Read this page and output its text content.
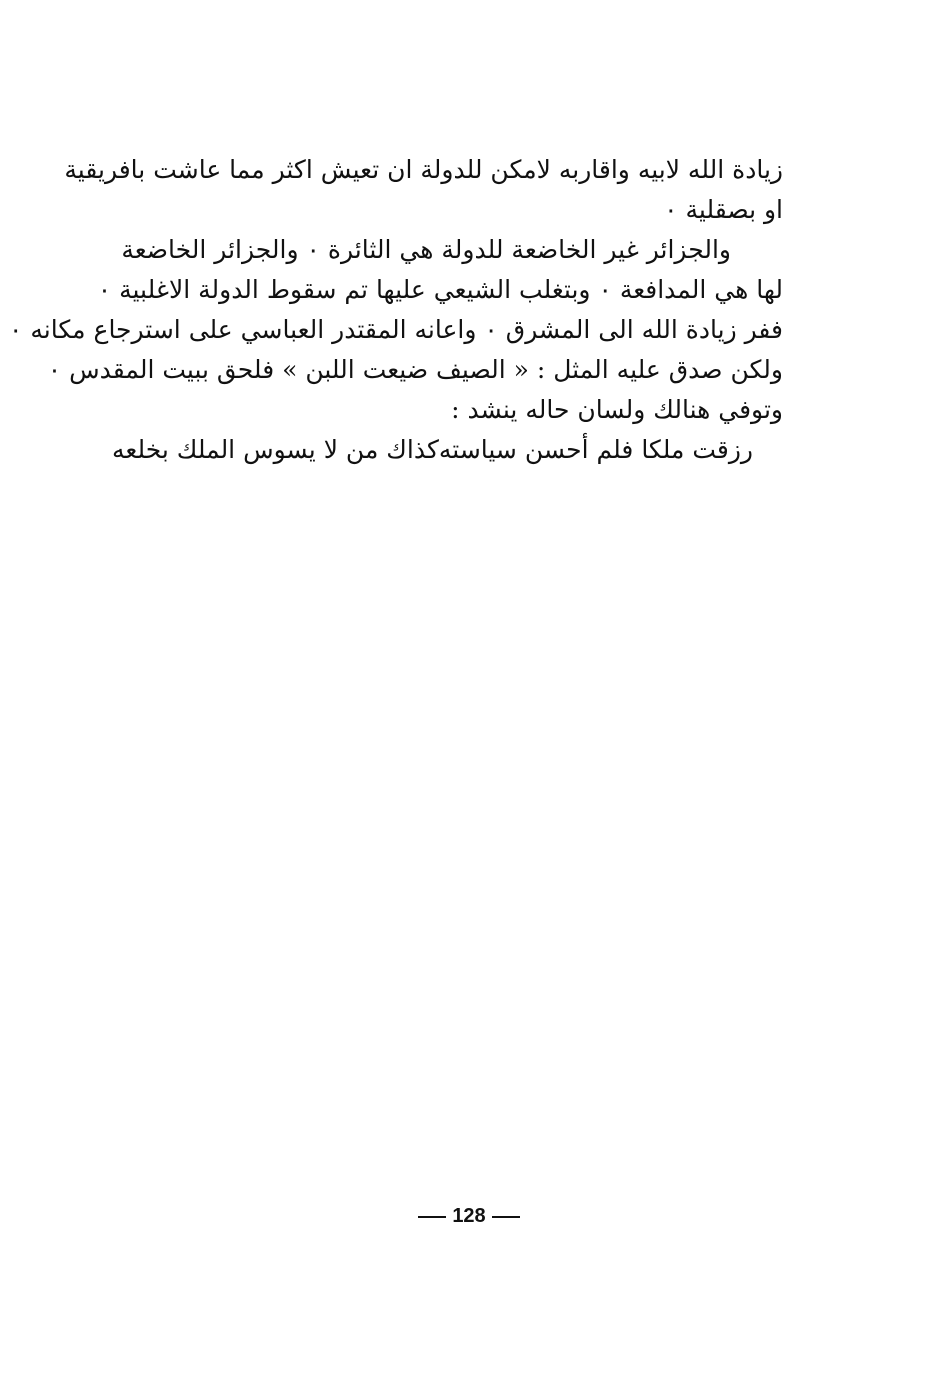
زيادة الله لابيه واقاربه لامكن للدولة ان تعيش اكثر مما عاشت بافريقية
او بصقلية ٠
والجزائر غير الخاضعة للدولة هي الثائرة ٠ والجزائر الخاضعة
لها هي المدافعة ٠ وبتغلب الشيعي عليها تم سقوط الدولة الاغلبية ٠
ففر زيادة الله الى المشرق ٠ واعانه المقتدر العباسي على استرجاع مكانه ٠
ولكن صدق عليه المثل : « الصيف ضيعت اللبن » فلحق ببيت المقدس ٠
وتوفي هنالك ولسان حاله ينشد :
رزقت ملكا فلم أحسن سياسته
كذاك من لا يسوس الملك بخلعه
128
